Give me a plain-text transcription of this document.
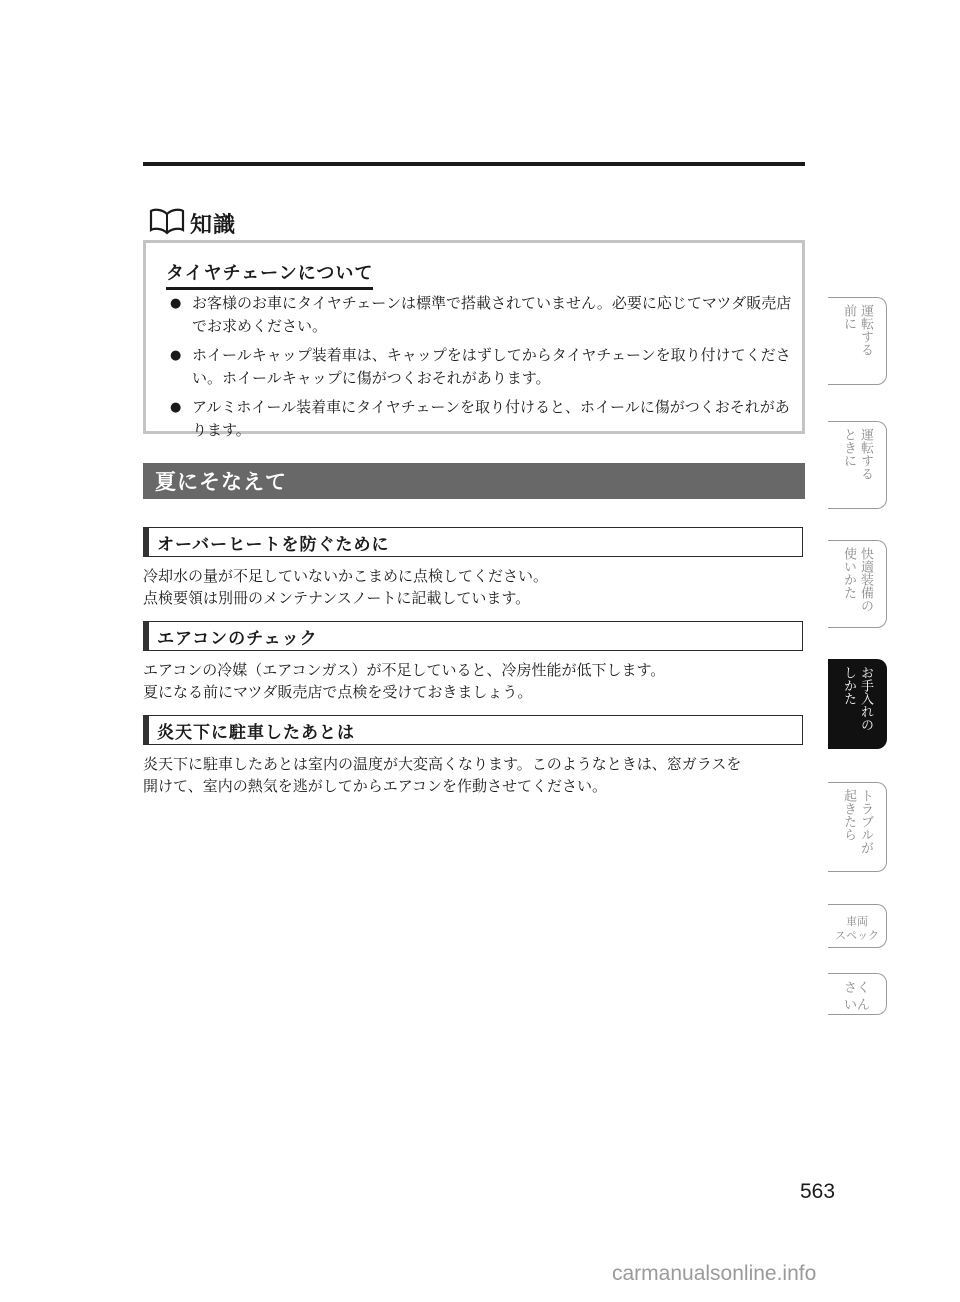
知識
タイヤチェーンについて
● お客様のお車にタイヤチェーンは標準で搭載されていません。必要に応じてマツダ販売店でお求めください。
● ホイールキャップ装着車は、キャップをはずしてからタイヤチェーンを取り付けてください。ホイールキャップに傷がつくおそれがあります。
● アルミホイール装着車にタイヤチェーンを取り付けると、ホイールに傷がつくおそれがあります。
夏にそなえて
オーバーヒートを防ぐために

冷却水の量が不足していないかこまめに点検してください。
点検要領は別冊のメンテナンスノートに記載しています。

エアコンのチェック

エアコンの冷媒（エアコンガス）が不足していると、冷房性能が低下します。
夏になる前にマツダ販売店で点検を受けておきましょう。

炎天下に駐車したあとは

炎天下に駐車したあとは室内の温度が大変高くなります。このようなときは、窓ガラスを
開けて、室内の熱気を逃がしてからエアコンを作動させてください。

運転する
前に
運転する
ときに
快適装備の
使いかた
お手入れの
しかた
トラブルが
起きたら
車両
スペック
さく
いん
563
carmanualsonline.info
